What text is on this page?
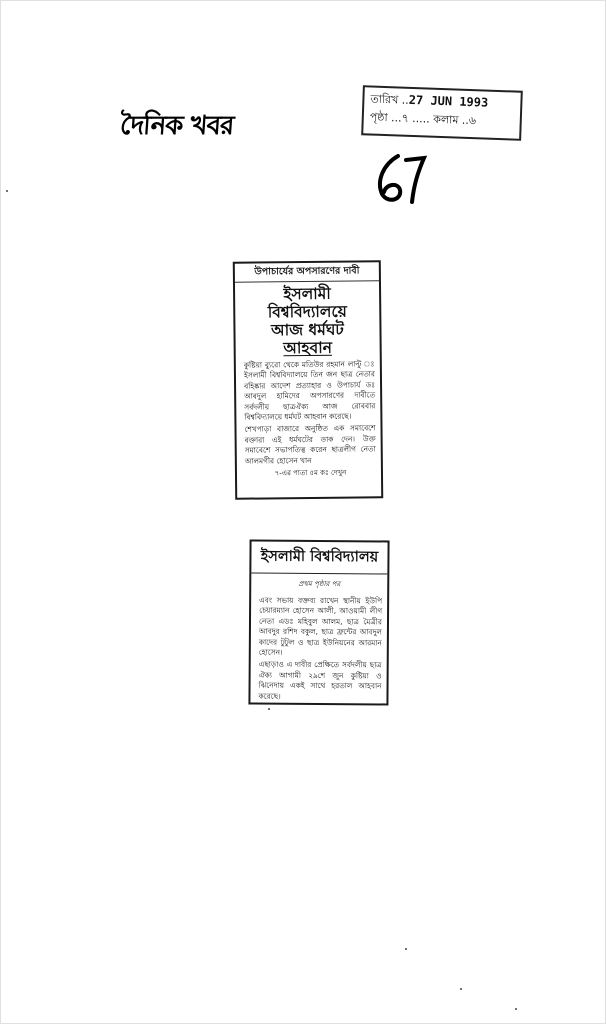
দৈনিক খবর
তারিখ ..27 JUN 1993
পৃষ্ঠা ...৭ ..... কলাম ..৬
উপাচার্যের অপসারণের দাবী
ইসলামী
বিশ্ববিদ্যালয়ে
আজ ধর্মঘট
আহবান

কুষ্টিয়া ব্যুরো থেকে মতিউর রহমান লাল্টু ঃ ইসলামী বিশ্ববিদ্যালয়ে তিন জন ছাত্র নেতার বহিষ্কার আদেশ প্রত্যাহার ও উপাচার্য ডঃ আবদুল হামিদের অপসারণের দাবীতে সর্বদলীয় ছাত্রঐক্য আজ রোববার বিশ্ববিদ্যালয়ে ধর্মঘট আহবান করেছে।

শেখপাড়া বাজারে অনুষ্ঠিত এক সমাবেশে বক্তারা এই ধর্মঘটের ডাক দেন। উক্ত সমাবেশে সভাপতিত্ব করেন ছাত্রলীগ নেতা আলমগীর হোসেন খান

৭-এর পাতা ৫ম কঃ দেখুন
ইসলামী বিশ্ববিদ্যালয়
প্রথম পৃষ্ঠার পর

এবং সভায় বক্তব্য রাখেন স্থানীয় ইউপি চেয়ারম্যান হোসেন আলী, আওয়ামী লীগ নেতা এডঃ মহিবুল আলম, ছাত্র মৈত্রীর আবদুর রশিদ বকুল, ছাত্র ফ্রন্টের আবদুল কাদের টুটুল ও ছাত্র ইউনিয়নের আরমান হোসেন।

এছাড়াও এ দাবীর প্রেক্ষিতে সর্বদলীয় ছাত্র ঐক্য আগামী ২৯শে জুন কুষ্টিয়া ও ঝিনেদায় একই সাথে হরতাল আহবান করেছে।
